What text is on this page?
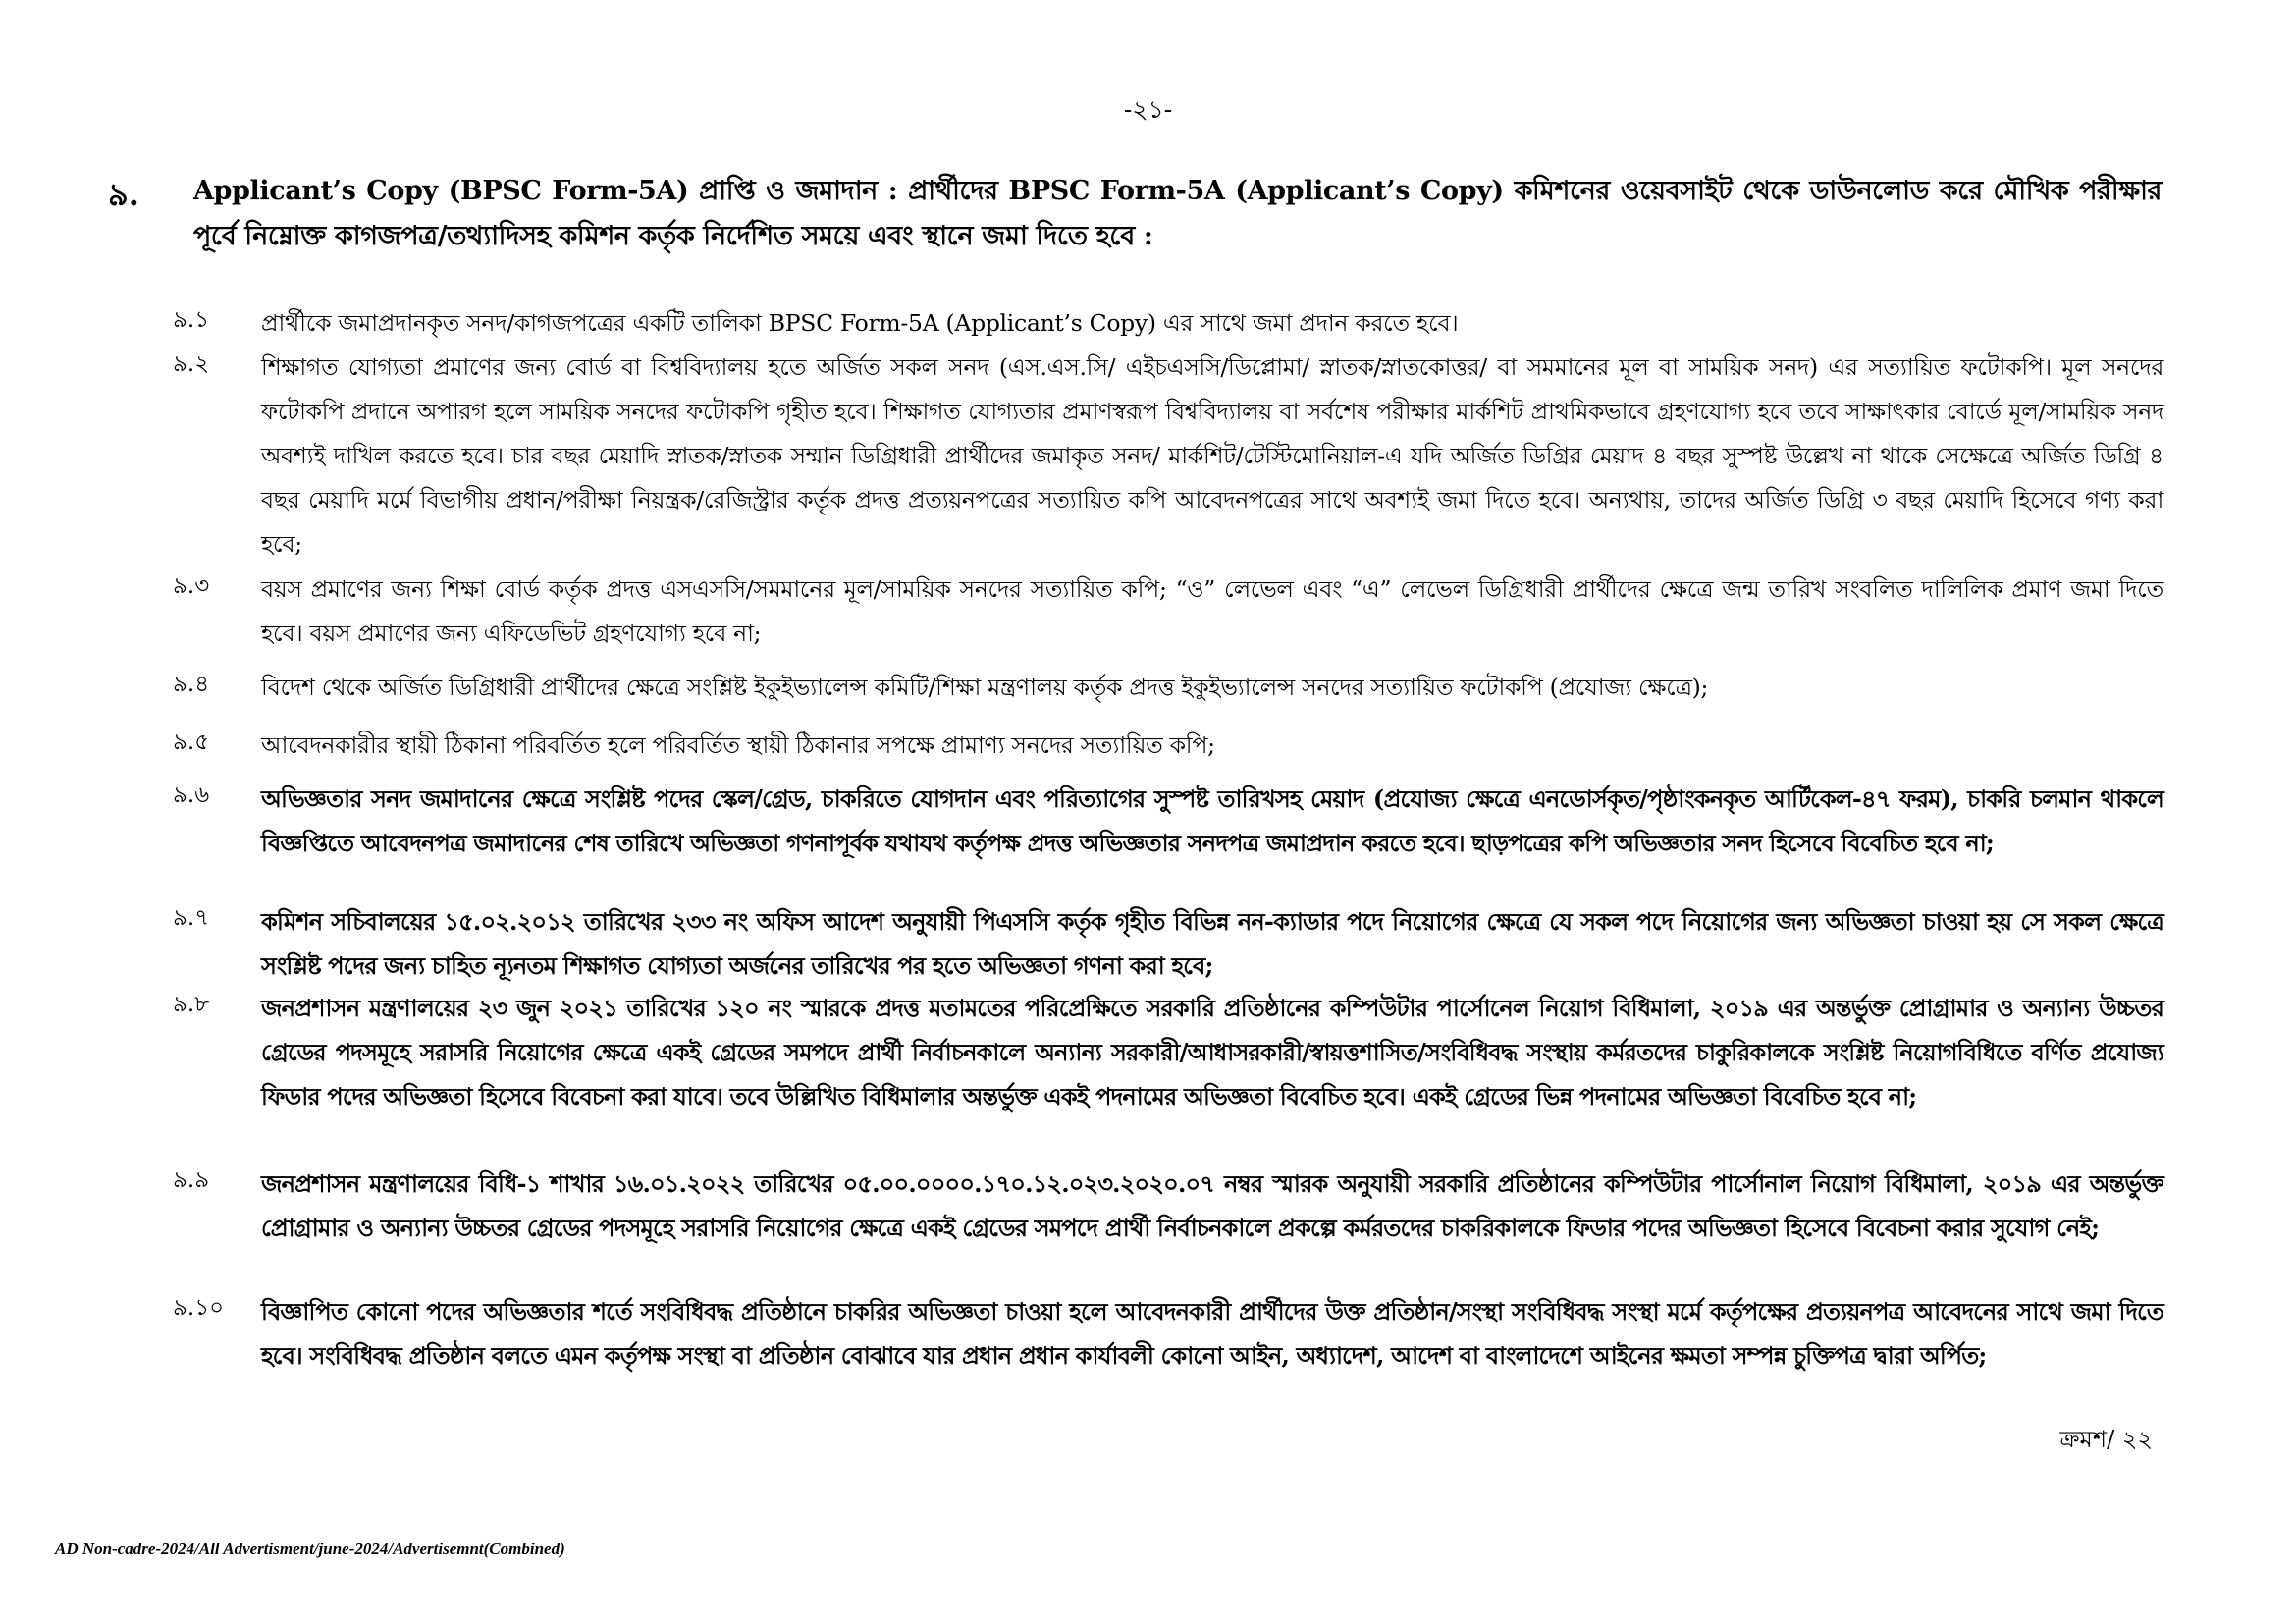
-২১-
৯. Applicant’s Copy (BPSC Form-5A) প্রাপ্তি ও জমাদান : প্রার্থীদের BPSC Form-5A (Applicant’s Copy) কমিশনের ওয়েবসাইট থেকে ডাউনলোড করে মৌখিক পরীক্ষার পূর্বে নিম্নোক্ত কাগজপত্র/তথ্যাদিসহ কমিশন কর্তৃক নির্দেশিত সময়ে এবং স্থানে জমা দিতে হবে :
৯.১ প্রার্থীকে জমাপ্রদানকৃত সনদ/কাগজপত্রের একটি তালিকা BPSC Form-5A (Applicant’s Copy) এর সাথে জমা প্রদান করতে হবে।
৯.২ শিক্ষাগত যোগ্যতা প্রমাণের জন্য বোর্ড বা বিশ্ববিদ্যালয় হতে অর্জিত সকল সনদ (এস.এস.সি/ এইচএসসি/ডিপ্লোমা/ স্নাতক/স্নাতকোত্তর/ বা সমমানের মূল বা সাময়িক সনদ) এর সত্যায়িত ফটোকপি। মূল সনদের ফটোকপি প্রদানে অপারগ হলে সাময়িক সনদের ফটোকপি গৃহীত হবে। শিক্ষাগত যোগ্যতার প্রমাণস্বরূপ বিশ্ববিদ্যালয় বা সর্বশেষ পরীক্ষার মার্কশিট প্রাথমিকভাবে গ্রহণযোগ্য হবে তবে সাক্ষাৎকার বোর্ডে মূল/সাময়িক সনদ অবশ্যই দাখিল করতে হবে। চার বছর মেয়াদি স্নাতক/স্নাতক সম্মান ডিগ্রিধারী প্রার্থীদের জমাকৃত সনদ/ মার্কশিট/টেস্টিমোনিয়াল-এ যদি অর্জিত ডিগ্রির মেয়াদ ৪ বছর সুস্পষ্ট উল্লেখ না থাকে সেক্ষেত্রে অর্জিত ডিগ্রি ৪ বছর মেয়াদি মর্মে বিভাগীয় প্রধান/পরীক্ষা নিয়ন্ত্রক/রেজিস্ট্রার কর্তৃক প্রদত্ত প্রত্যয়নপত্রের সত্যায়িত কপি আবেদনপত্রের সাথে অবশ্যই জমা দিতে হবে। অন্যথায়, তাদের অর্জিত ডিগ্রি ৩ বছর মেয়াদি হিসেবে গণ্য করা হবে;
৯.৩ বয়স প্রমাণের জন্য শিক্ষা বোর্ড কর্তৃক প্রদত্ত এসএসসি/সমমানের মূল/সাময়িক সনদের সত্যায়িত কপি; “ও” লেভেল এবং “এ” লেভেল ডিগ্রিধারী প্রার্থীদের ক্ষেত্রে জন্ম তারিখ সংবলিত দালিলিক প্রমাণ জমা দিতে হবে। বয়স প্রমাণের জন্য এফিডেভিট গ্রহণযোগ্য হবে না;
৯.৪ বিদেশ থেকে অর্জিত ডিগ্রিধারী প্রার্থীদের ক্ষেত্রে সংশ্লিষ্ট ইকুইভ্যালেন্স কমিটি/শিক্ষা মন্ত্রণালয় কর্তৃক প্রদত্ত ইকুইভ্যালেন্স সনদের সত্যায়িত ফটোকপি (প্রযোজ্য ক্ষেত্রে);
৯.৫ আবেদনকারীর স্থায়ী ঠিকানা পরিবর্তিত হলে পরিবর্তিত স্থায়ী ঠিকানার সপক্ষে প্রামাণ্য সনদের সত্যায়িত কপি;
৯.৬ অভিজ্ঞতার সনদ জমাদানের ক্ষেত্রে সংশ্লিষ্ট পদের স্কেল/গ্রেড, চাকরিতে যোগদান এবং পরিত্যাগের সুস্পষ্ট তারিখসহ মেয়াদ (প্রযোজ্য ক্ষেত্রে এনডোর্সকৃত/পৃষ্ঠাংকনকৃত আর্টিকেল-৪৭ ফরম), চাকরি চলমান থাকলে বিজ্ঞপ্তিতে আবেদনপত্র জমাদানের শেষ তারিখে অভিজ্ঞতা গণনাপূর্বক যথাযথ কর্তৃপক্ষ প্রদত্ত অভিজ্ঞতার সনদপত্র জমাপ্রদান করতে হবে। ছাড়পত্রের কপি অভিজ্ঞতার সনদ হিসেবে বিবেচিত হবে না;
৯.৭ কমিশন সচিবালয়ের ১৫.০২.২০১২ তারিখের ২৩৩ নং অফিস আদেশ অনুযায়ী পিএসসি কর্তৃক গৃহীত বিভিন্ন নন-ক্যাডার পদে নিয়োগের ক্ষেত্রে যে সকল পদে নিয়োগের জন্য অভিজ্ঞতা চাওয়া হয় সে সকল ক্ষেত্রে সংশ্লিষ্ট পদের জন্য চাহিত ন্যূনতম শিক্ষাগত যোগ্যতা অর্জনের তারিখের পর হতে অভিজ্ঞতা গণনা করা হবে;
৯.৮ জনপ্রশাসন মন্ত্রণালয়ের ২৩ জুন ২০২১ তারিখের ১২০ নং স্মারকে প্রদত্ত মতামতের পরিপ্রেক্ষিতে সরকারি প্রতিষ্ঠানের কম্পিউটার পার্সোনেল নিয়োগ বিধিমালা, ২০১৯ এর অন্তর্ভুক্ত প্রোগ্রামার ও অন্যান্য উচ্চতর গ্রেডের পদসমূহে সরাসরি নিয়োগের ক্ষেত্রে একই গ্রেডের সমপদে প্রার্থী নির্বাচনকালে অন্যান্য সরকারী/আধাসরকারী/স্বায়ত্তশাসিত/সংবিধিবদ্ধ সংস্থায় কর্মরতদের চাকুরিকালকে সংশ্লিষ্ট নিয়োগবিধিতে বর্ণিত প্রযোজ্য ফিডার পদের অভিজ্ঞতা হিসেবে বিবেচনা করা যাবে। তবে উল্লিখিত বিধিমালার অন্তর্ভুক্ত একই পদনামের অভিজ্ঞতা বিবেচিত হবে। একই গ্রেডের ভিন্ন পদনামের অভিজ্ঞতা বিবেচিত হবে না;
৯.৯ জনপ্রশাসন মন্ত্রণালয়ের বিধি-১ শাখার ১৬.০১.২০২২ তারিখের ০৫.০০.০০০০.১৭০.১২.০২৩.২০২০.০৭ নম্বর স্মারক অনুযায়ী সরকারি প্রতিষ্ঠানের কম্পিউটার পার্সোনাল নিয়োগ বিধিমালা, ২০১৯ এর অন্তর্ভুক্ত প্রোগ্রামার ও অন্যান্য উচ্চতর গ্রেডের পদসমূহে সরাসরি নিয়োগের ক্ষেত্রে একই গ্রেডের সমপদে প্রার্থী নির্বাচনকালে প্রকল্পে কর্মরতদের চাকরিকালকে ফিডার পদের অভিজ্ঞতা হিসেবে বিবেচনা করার সুযোগ নেই;
৯.১০ বিজ্ঞাপিত কোনো পদের অভিজ্ঞতার শর্তে সংবিধিবদ্ধ প্রতিষ্ঠানে চাকরির অভিজ্ঞতা চাওয়া হলে আবেদনকারী প্রার্থীদের উক্ত প্রতিষ্ঠান/সংস্থা সংবিধিবদ্ধ সংস্থা মর্মে কর্তৃপক্ষের প্রত্যয়নপত্র আবেদনের সাথে জমা দিতে হবে। সংবিধিবদ্ধ প্রতিষ্ঠান বলতে এমন কর্তৃপক্ষ সংস্থা বা প্রতিষ্ঠান বোঝাবে যার প্রধান প্রধান কার্যাবলী কোনো আইন, অধ্যাদেশ, আদেশ বা বাংলাদেশে আইনের ক্ষমতা সম্পন্ন চুক্তিপত্র দ্বারা অর্পিত;
ক্রমশ/ ২২
AD Non-cadre-2024/All Advertisment/june-2024/Advertisemnt(Combined)
